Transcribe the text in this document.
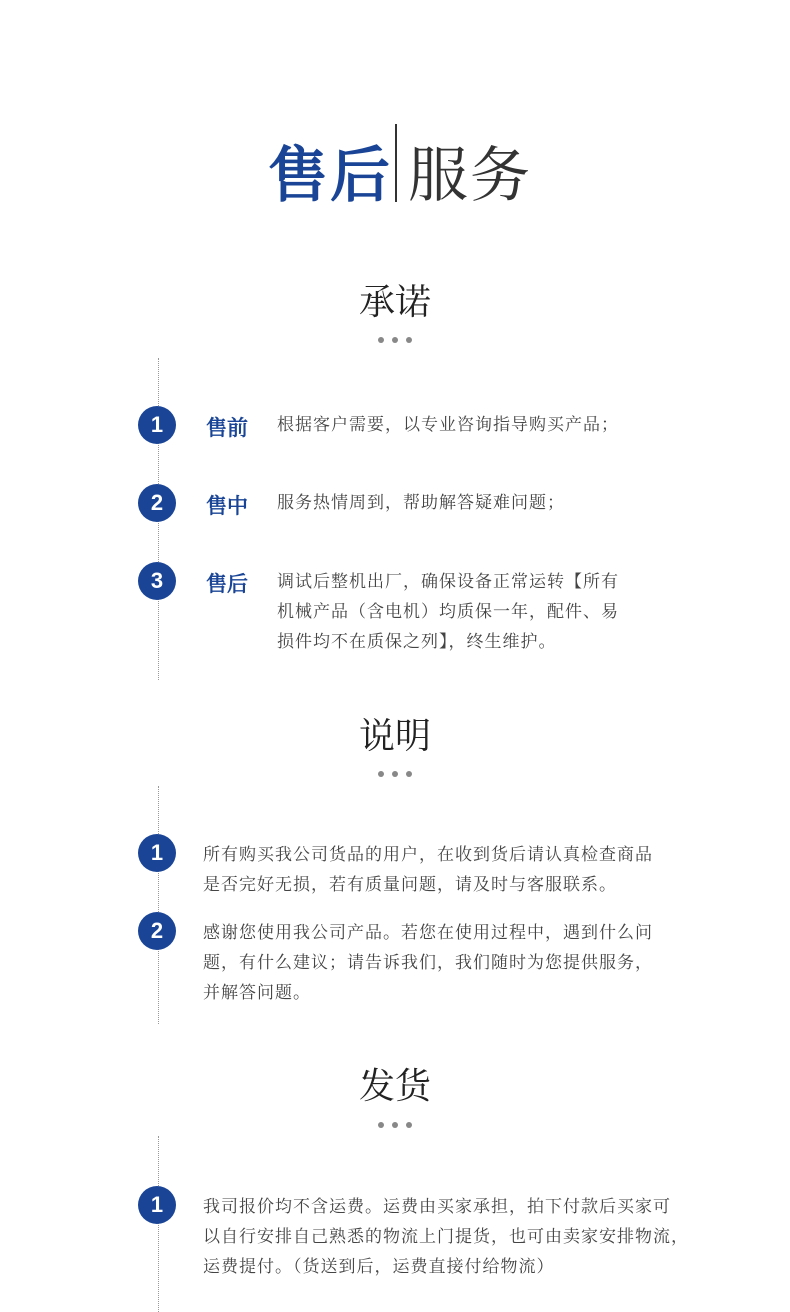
售后 服务
承诺
1	售前 根据客户需要，以专业咨询指导购买产品；
2	售中 服务热情周到，帮助解答疑难问题；
3	售后 调试后整机出厂，确保设备正常运转【所有
机械产品（含电机）均质保一年，配件、易
损件均不在质保之列】，终生维护。
说明
1	所有购买我公司货品的用户，在收到货后请认真检查商品
是否完好无损，若有质量问题，请及时与客服联系。
2	感谢您使用我公司产品。若您在使用过程中，遇到什么问
题，有什么建议；请告诉我们，我们随时为您提供服务，
并解答问题。
发货
1	我司报价均不含运费。运费由买家承担，拍下付款后买家可
以自行安排自己熟悉的物流上门提货，也可由卖家安排物流，
运费提付。（货送到后，运费直接付给物流）
